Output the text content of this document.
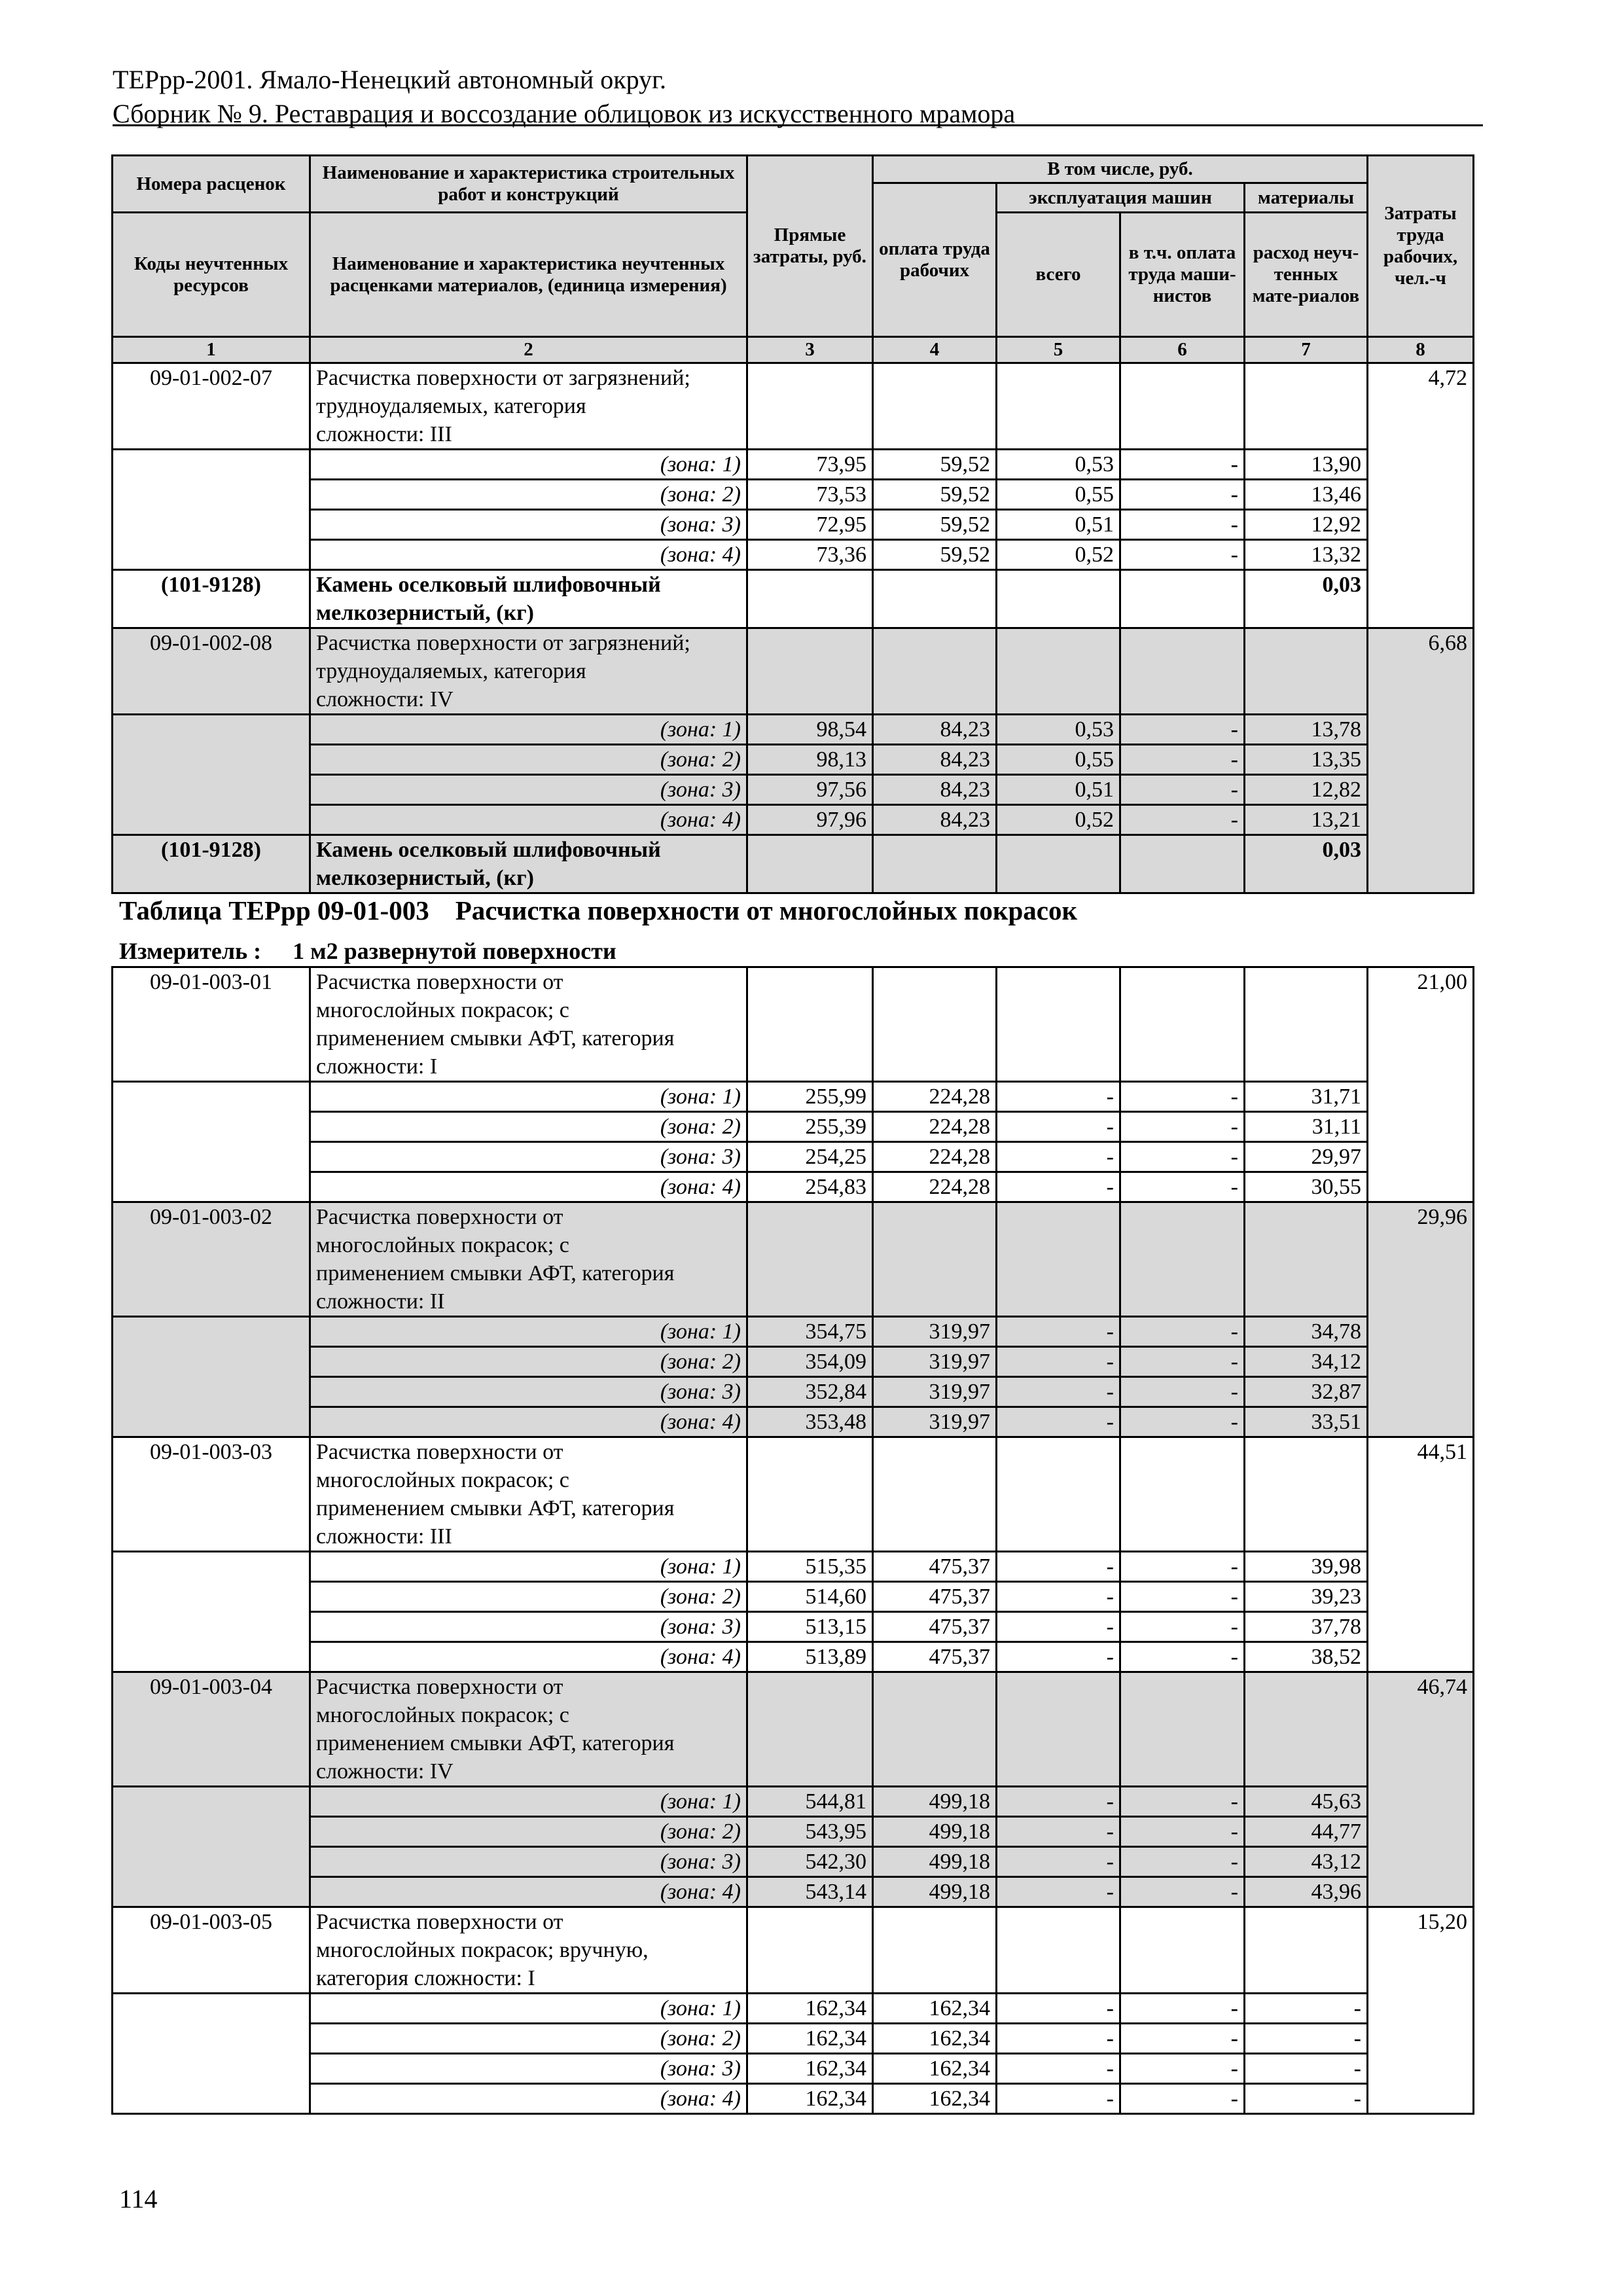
ТЕРрр-2001. Ямало-Ненецкий автономный округ.
Сборник № 9. Реставрация и воссоздание облицовок из искусственного мрамора
Номера расценок	Наименование и характеристика строительных работ и конструкций	Прямые затраты, руб.	В том числе, руб.				Затраты труда рабочих, чел.-ч
			оплата труда рабочих	эксплуатация машин		материалы	
Коды неучтенных ресурсов	Наименование и характеристика неучтенных расценками материалов, (единица измерения)			всего	в т.ч. оплата труда маши-нистов	расход неуч-тенных мате-риалов	

1	2	3	4	5	6	7	8
09-01-002-07	Расчистка поверхности от загрязнений;
трудноудаляемых, категория
сложности: III						4,72
	(зона: 1)	73,95	59,52	0,53	-	13,90	
	(зона: 2)	73,53	59,52	0,55	-	13,46	
	(зона: 3)	72,95	59,52	0,51	-	12,92	
	(зона: 4)	73,36	59,52	0,52	-	13,32	
(101-9128)	Камень оселковый шлифовочный
мелкозернистый, (кг)					0,03	
09-01-002-08	Расчистка поверхности от загрязнений;
трудноудаляемых, категория
сложности: IV						6,68
	(зона: 1)	98,54	84,23	0,53	-	13,78	
	(зона: 2)	98,13	84,23	0,55	-	13,35	
	(зона: 3)	97,56	84,23	0,51	-	12,82	
	(зона: 4)	97,96	84,23	0,52	-	13,21	
(101-9128)	Камень оселковый шлифовочный
мелкозернистый, (кг)					0,03	
Таблица ТЕРрр 09-01-003 Расчистка поверхности от многослойных покрасок
Измеритель : 1 м2 развернутой поверхности
09-01-003-01	Расчистка поверхности от
многослойных покрасок; с
применением смывки АФТ, категория
сложности: I						21,00
	(зона: 1)	255,99	224,28	-	-	31,71	
	(зона: 2)	255,39	224,28	-	-	31,11	
	(зона: 3)	254,25	224,28	-	-	29,97	
	(зона: 4)	254,83	224,28	-	-	30,55	
09-01-003-02	Расчистка поверхности от
многослойных покрасок; с
применением смывки АФТ, категория
сложности: II						29,96
	(зона: 1)	354,75	319,97	-	-	34,78	
	(зона: 2)	354,09	319,97	-	-	34,12	
	(зона: 3)	352,84	319,97	-	-	32,87	
	(зона: 4)	353,48	319,97	-	-	33,51	
09-01-003-03	Расчистка поверхности от
многослойных покрасок; с
применением смывки АФТ, категория
сложности: III						44,51
	(зона: 1)	515,35	475,37	-	-	39,98	
	(зона: 2)	514,60	475,37	-	-	39,23	
	(зона: 3)	513,15	475,37	-	-	37,78	
	(зона: 4)	513,89	475,37	-	-	38,52	
09-01-003-04	Расчистка поверхности от
многослойных покрасок; с
применением смывки АФТ, категория
сложности: IV						46,74
	(зона: 1)	544,81	499,18	-	-	45,63	
	(зона: 2)	543,95	499,18	-	-	44,77	
	(зона: 3)	542,30	499,18	-	-	43,12	
	(зона: 4)	543,14	499,18	-	-	43,96	
09-01-003-05	Расчистка поверхности от
многослойных покрасок; вручную,
категория сложности: I						15,20
	(зона: 1)	162,34	162,34	-	-	-	
	(зона: 2)	162,34	162,34	-	-	-	
	(зона: 3)	162,34	162,34	-	-	-	
	(зона: 4)	162,34	162,34	-	-	-	
114
